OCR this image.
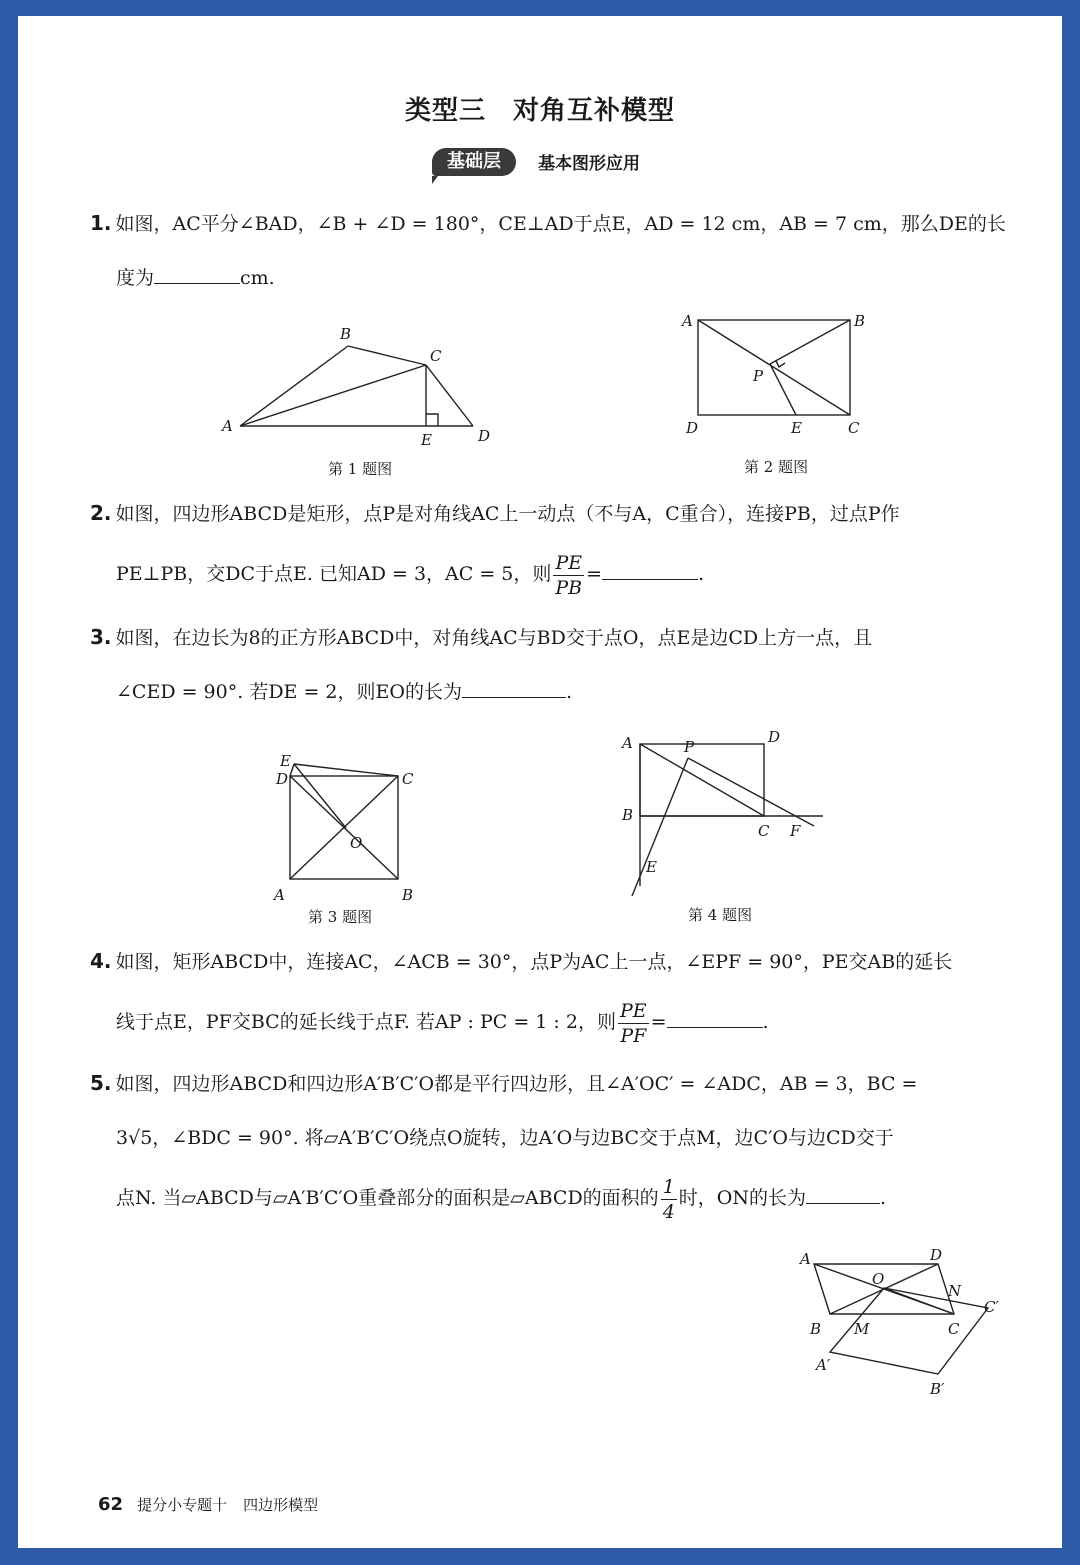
类型三　对角互补模型
基础层	基本图形应用
1. 如图，AC平分∠BAD，∠B + ∠D = 180°，CE⊥AD于点E，AD = 12 cm，AB = 7 cm，那么DE的长
度为	cm.
A
B
C
D
E
第 1 题图
A	B
C
D	E
P
第 2 题图
2. 如图，四边形ABCD是矩形，点P是对角线AC上一动点（不与A，C重合），连接PB，过点P作
PE⊥PB，交DC于点E. 已知AD = 3，AC = 5，则 $\frac{PE}{PB}$ =	.
3. 如图，在边长为8的正方形ABCD中，对角线AC与BD交于点O，点E是边CD上方一点，且
∠CED = 90°. 若DE = 2，则EO的长为	.
E
D	C
O
A	B
第 3 题图
A	D
P
B
C F
E
第 4 题图
4. 如图，矩形ABCD中，连接AC，∠ACB = 30°，点P为AC上一点，∠EPF = 90°，PE交AB的延长
线于点E，PF交BC的延长线于点F. 若AP : PC = 1 : 2，则 $\frac{PE}{PF}$ =	.
5. 如图，四边形ABCD和四边形A′B′C′O都是平行四边形，且∠A′OC′ = ∠ADC，AB = 3，BC =
3√5，∠BDC = 90°. 将▱A′B′C′O绕点O旋转，边A′O与边BC交于点M，边C′O与边CD交于
点N. 当▱ABCD与▱A′B′C′O重叠部分的面积是▱ABCD的面积的 $\frac{1}{4}$ 时，ON的长为	.
A	D
O
N
C′
B M	C
A′
B′
62 提分小专题十 四边形模型
